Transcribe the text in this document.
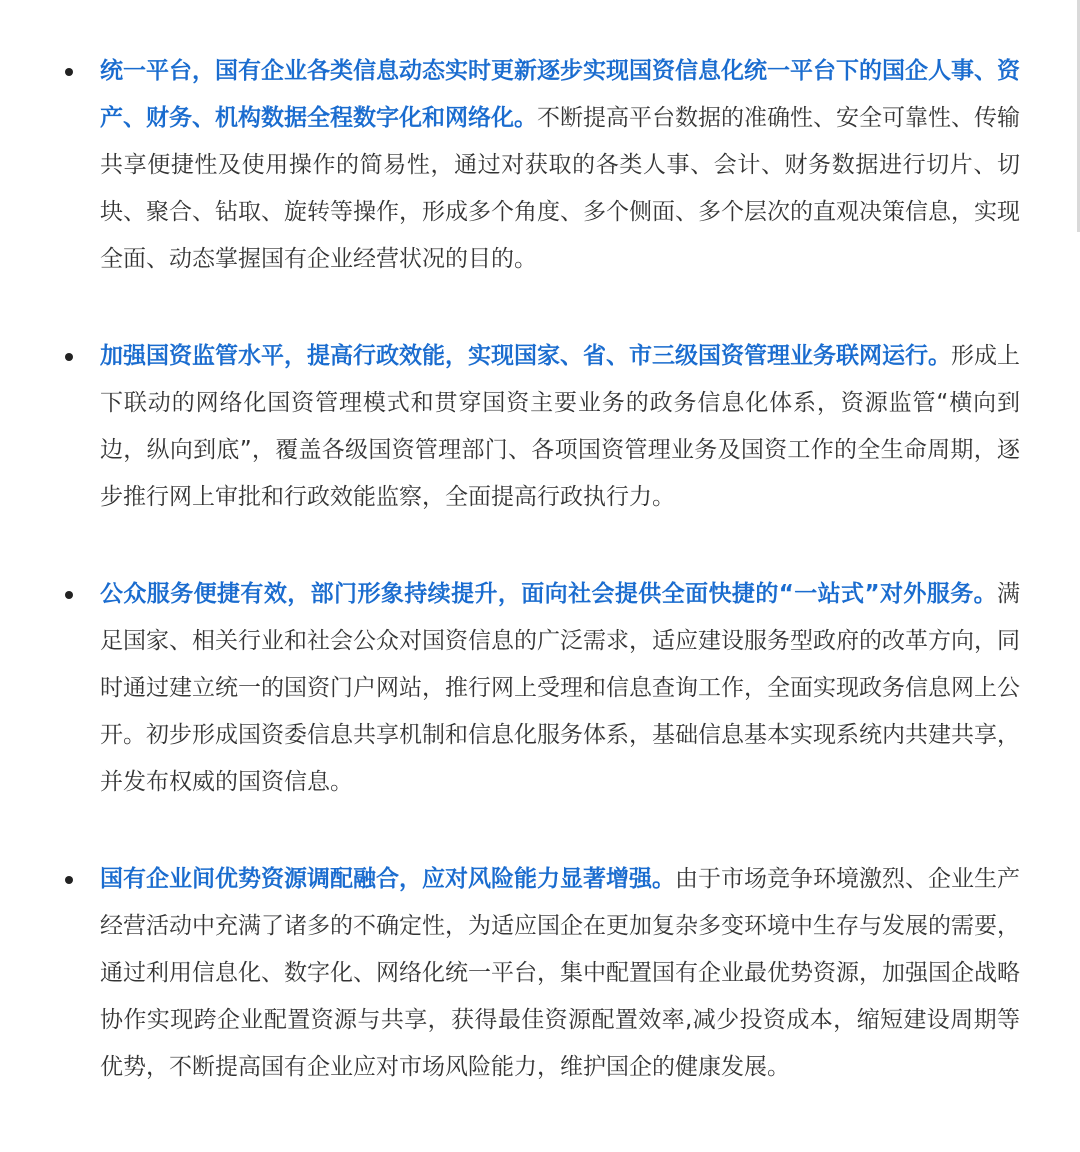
统一平台，国有企业各类信息动态实时更新逐步实现国资信息化统一平台下的国企人事、资产、财务、机构数据全程数字化和网络化。不断提高平台数据的准确性、安全可靠性、传输共享便捷性及使用操作的简易性，通过对获取的各类人事、会计、财务数据进行切片、切块、聚合、钻取、旋转等操作，形成多个角度、多个侧面、多个层次的直观决策信息，实现全面、动态掌握国有企业经营状况的目的。
加强国资监管水平，提高行政效能，实现国家、省、市三级国资管理业务联网运行。形成上下联动的网络化国资管理模式和贯穿国资主要业务的政务信息化体系，资源监管“横向到边，纵向到底”，覆盖各级国资管理部门、各项国资管理业务及国资工作的全生命周期，逐步推行网上审批和行政效能监察，全面提高行政执行力。
公众服务便捷有效，部门形象持续提升，面向社会提供全面快捷的“一站式”对外服务。满足国家、相关行业和社会公众对国资信息的广泛需求，适应建设服务型政府的改革方向，同时通过建立统一的国资门户网站，推行网上受理和信息查询工作，全面实现政务信息网上公开。初步形成国资委信息共享机制和信息化服务体系，基础信息基本实现系统内共建共享，并发布权威的国资信息。
国有企业间优势资源调配融合，应对风险能力显著增强。由于市场竞争环境激烈、企业生产经营活动中充满了诸多的不确定性，为适应国企在更加复杂多变环境中生存与发展的需要，通过利用信息化、数字化、网络化统一平台，集中配置国有企业最优势资源，加强国企战略协作实现跨企业配置资源与共享，获得最佳资源配置效率,减少投资成本，缩短建设周期等优势，不断提高国有企业应对市场风险能力，维护国企的健康发展。
